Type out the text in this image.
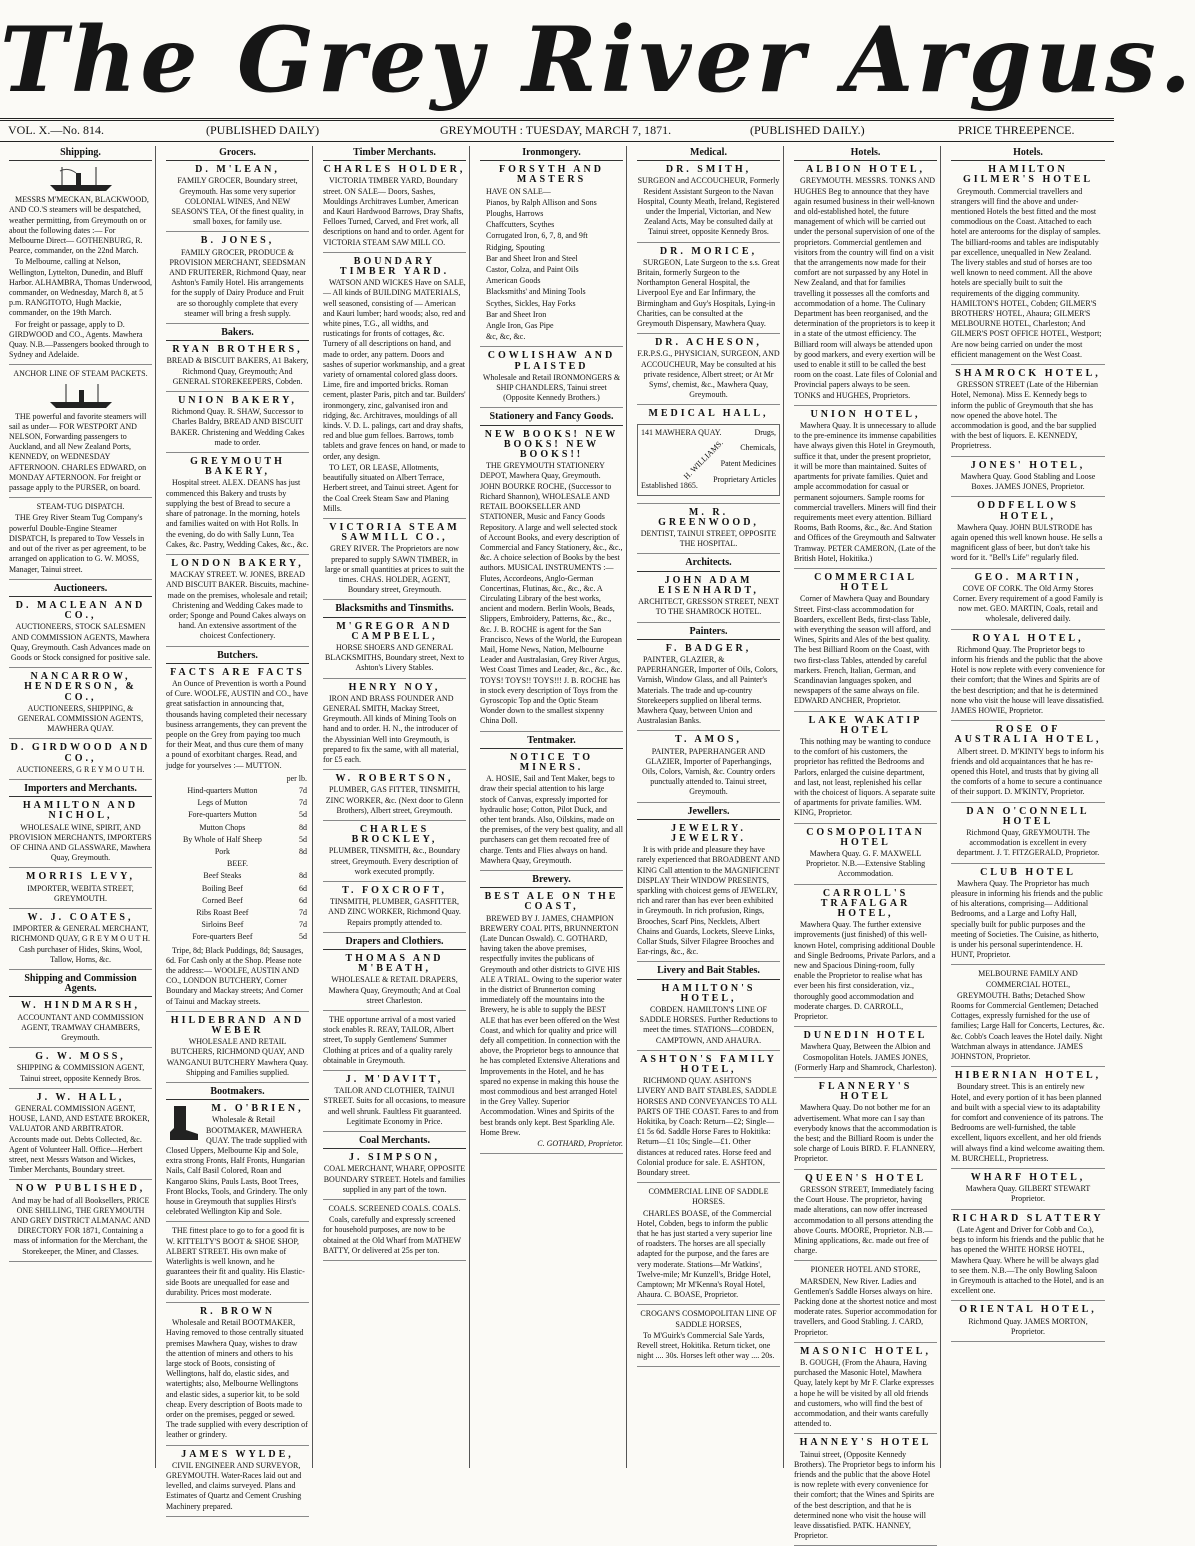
The Grey River Argus.
VOL. X.—No. 814.	(PUBLISHED DAILY)	GREYMOUTH : TUESDAY, MARCH 7, 1871.	(PUBLISHED DAILY.)	PRICE THREEPENCE.
Shipping.

MESSRS M'MECKAN, BLACKWOOD, AND CO.'S steamers will be despatched, weather permitting, from Greymouth on or about the following dates :— For Melbourne Direct— GOTHENBURG, R. Pearce, commander, on the 22nd March.

To Melbourne, calling at Nelson, Wellington, Lyttelton, Dunedin, and Bluff Harbor. ALHAMBRA, Thomas Underwood, commander, on Wednesday, March 8, at 5 p.m. RANGITOTO, Hugh Mackie, commander, on the 19th March.

For freight or passage, apply to D. GIRDWOOD and CO., Agents. Mawhera Quay. N.B.—Passengers booked through to Sydney and Adelaide.

ANCHOR LINE OF STEAM PACKETS.

THE powerful and favorite steamers will sail as under— FOR WESTPORT AND NELSON, Forwarding passengers to Auckland, and all New Zealand Ports, KENNEDY, on WEDNESDAY AFTERNOON. CHARLES EDWARD, on MONDAY AFTERNOON. For freight or passage apply to the PURSER, on board.

STEAM-TUG DISPATCH.

THE Grey River Steam Tug Company's powerful Double-Engine Steamer DISPATCH, Is prepared to Tow Vessels in and out of the river as per agreement, to be arranged on application to G. W. MOSS, Manager, Tainui street.

Auctioneers.

D. MACLEAN AND CO.,

AUCTIONEERS, STOCK SALESMEN AND COMMISSION AGENTS, Mawhera Quay, Greymouth. Cash Advances made on Goods or Stock consigned for positive sale.

NANCARROW, HENDERSON, & CO.,

AUCTIONEERS, SHIPPING, & GENERAL COMMISSION AGENTS, MAWHERA QUAY.

D. GIRDWOOD AND CO.,

AUCTIONEERS, G R E Y M O U T H.

Importers and Merchants.

HAMILTON AND NICHOL,

WHOLESALE WINE, SPIRIT, AND PROVISION MERCHANTS, IMPORTERS OF CHINA AND GLASSWARE, Mawhera Quay, Greymouth.

MORRIS LEVY,

IMPORTER, WEBITA STREET, GREYMOUTH.

W. J. COATES,

IMPORTER & GENERAL MERCHANT, RICHMOND QUAY, G R E Y M O U T H. Cash purchaser of Hides, Skins, Wool, Tallow, Horns, &c.

Shipping and Commission Agents.

W. HINDMARSH,

ACCOUNTANT AND COMMISSION AGENT, TRAMWAY CHAMBERS, Greymouth.

G. W. MOSS,

SHIPPING & COMMISSION AGENT, Tainui street, opposite Kennedy Bros.

J. W. HALL,

GENERAL COMMISSION AGENT, HOUSE, LAND, AND ESTATE BROKER, VALUATOR AND ARBITRATOR. Accounts made out. Debts Collected, &c. Agent of Volunteer Hall. Office—Herbert street, next Messrs Watson and Wickes, Timber Merchants, Boundary street.

NOW PUBLISHED,

And may be had of all Booksellers, PRICE ONE SHILLING, THE GREYMOUTH AND GREY DISTRICT ALMANAC AND DIRECTORY FOR 1871, Containing a mass of information for the Merchant, the Storekeeper, the Miner, and Classes.

Grocers.

D. M'LEAN,

FAMILY GROCER, Boundary street, Greymouth. Has some very superior COLONIAL WINES, And NEW SEASON'S TEA, Of the finest quality, in small boxes, for family use.

B. JONES,

FAMILY GROCER, PRODUCE & PROVISION MERCHANT, SEEDSMAN AND FRUITERER, Richmond Quay, near Ashton's Family Hotel. His arrangements for the supply of Dairy Produce and Fruit are so thoroughly complete that every steamer will bring a fresh supply.

Bakers.

RYAN BROTHERS,

BREAD & BISCUIT BAKERS, A1 Bakery, Richmond Quay, Greymouth; And GENERAL STOREKEEPERS, Cobden.

UNION BAKERY,

Richmond Quay. R. SHAW, Successor to Charles Baldry, BREAD AND BISCUIT BAKER. Christening and Wedding Cakes made to order.

GREYMOUTH BAKERY,

Hospital street. ALEX. DEANS has just commenced this Bakery and trusts by supplying the best of Bread to secure a share of patronage. In the morning, hotels and families waited on with Hot Rolls. In the evening, do do with Sally Lunn, Tea Cakes, &c. Pastry, Wedding Cakes, &c., &c.

LONDON BAKERY,

MACKAY STREET. W. JONES, BREAD AND BISCUIT BAKER. Biscuits, machine-made on the premises, wholesale and retail; Christening and Wedding Cakes made to order; Sponge and Pound Cakes always on hand. An extensive assortment of the choicest Confectionery.

Butchers.

FACTS ARE FACTS

An Ounce of Prevention is worth a Pound of Cure. WOOLFE, AUSTIN and CO., have great satisfaction in announcing that, thousands having completed their necessary business arrangements, they can prevent the people on the Grey from paying too much for their Meat, and thus cure them of many a pound of exorbitant charges. Read, and judge for yourselves :— MUTTON.

	per lb.
Hind-quarters Mutton	7d
Legs of Mutton	7d
Fore-quarters Mutton	5d
Mutton Chops	8d
By Whole of Half Sheep	5d
Pork	8d
BEEF.	
Beef Steaks	8d
Boiling Beef	6d
Corned Beef	6d
Ribs Roast Beef	7d
Sirloins Beef	7d
Fore-quarters Beef	5d

Tripe, 8d; Black Puddings, 8d; Sausages, 6d. For Cash only at the Shop. Please note the address:— WOOLFE, AUSTIN AND CO., LONDON BUTCHERY, Corner Boundary and Mackay streets; And Corner of Tainui and Mackay streets.

HILDEBRAND AND WEBER

WHOLESALE AND RETAIL BUTCHERS, RICHMOND QUAY, AND WANGANUI BUTCHERY Mawhera Quay. Shipping and Families supplied.

Bootmakers.

M. O'BRIEN,

Wholesale & Retail BOOTMAKER, MAWHERA QUAY. The trade supplied with Closed Uppers, Melbourne Kip and Sole, extra strong Fronts, Half Fronts, Hungarian Nails, Calf Basil Colored, Roan and Kangaroo Skins, Pauls Lasts, Boot Trees, Front Blocks, Tools, and Grindery. The only house in Greymouth that supplies Hirst's celebrated Wellington Kip and Sole.

THE fittest place to go to for a good fit is W. KITTELTY'S BOOT & SHOE SHOP, ALBERT STREET. His own make of Waterlights is well known, and he guarantees their fit and quality. His Elastic-side Boots are unequalled for ease and durability. Prices most moderate.

R. BROWN

Wholesale and Retail BOOTMAKER, Having removed to those centrally situated premises Mawhera Quay, wishes to draw the attention of miners and others to his large stock of Boots, consisting of Wellingtons, half do, elastic sides, and watertights; also, Melbourne Wellingtons and elastic sides, a superior kit, to be sold cheap. Every description of Boots made to order on the premises, pegged or sewed. The trade supplied with every description of leather or grindery.

JAMES WYLDE,

CIVIL ENGINEER AND SURVEYOR, GREYMOUTH. Water-Races laid out and levelled, and claims surveyed. Plans and Estimates of Quartz and Cement Crushing Machinery prepared.

Timber Merchants.

CHARLES HOLDER,

VICTORIA TIMBER YARD, Boundary street. ON SALE— Doors, Sashes, Mouldings Architraves Lumber, American and Kauri Hardwood Barrows, Dray Shafts, Felloes Turned, Carved, and Fret work, all descriptions on hand and to order. Agent for VICTORIA STEAM SAW MILL CO.

BOUNDARY TIMBER YARD.

WATSON AND WICKES Have on SALE,— All kinds of BUILDING MATERIALS, well seasoned, consisting of — American and Kauri lumber; hard woods; also, red and white pines, T.G., all widths, and rusticatings for fronts of cottages, &c. Turnery of all descriptions on hand, and made to order, any pattern. Doors and sashes of superior workmanship, and a great variety of ornamental colored glass doors. Lime, fire and imported bricks. Roman cement, plaster Paris, pitch and tar. Builders' ironmongery, zinc, galvanised iron and ridging, &c. Architraves, mouldings of all kinds. V. D. L. palings, cart and dray shafts, red and blue gum felloes. Barrows, tomb tablets and grave fences on hand, or made to order, any design.

TO LET, OR LEASE, Allotments, beautifully situated on Albert Terrace, Herbert street, and Tainui street. Agent for the Coal Creek Steam Saw and Planing Mills.

VICTORIA STEAM SAWMILL CO.,

GREY RIVER. The Proprietors are now prepared to supply SAWN TIMBER, in large or small quantities at prices to suit the times. CHAS. HOLDER, AGENT, Boundary street, Greymouth.

Blacksmiths and Tinsmiths.

M'GREGOR AND CAMPBELL,

HORSE SHOERS AND GENERAL BLACKSMITHS, Boundary street, Next to Ashton's Livery Stables.

HENRY NOY,

IRON AND BRASS FOUNDER AND GENERAL SMITH, Mackay Street, Greymouth. All kinds of Mining Tools on hand and to order. H. N., the introducer of the Abyssinian Well into Greymouth, is prepared to fix the same, with all material, for £5 each.

W. ROBERTSON,

PLUMBER, GAS FITTER, TINSMITH, ZINC WORKER, &c. (Next door to Glenn Brothers), Albert street, Greymouth.

CHARLES BROCKLEY,

PLUMBER, TINSMITH, &c., Boundary street, Greymouth. Every description of work executed promptly.

T. FOXCROFT,

TINSMITH, PLUMBER, GASFITTER, AND ZINC WORKER, Richmond Quay. Repairs promptly attended to.

Drapers and Clothiers.

THOMAS AND M'BEATH,

WHOLESALE & RETAIL DRAPERS, Mawhera Quay, Greymouth; And at Coal street Charleston.

THE opportune arrival of a most varied stock enables R. REAY, TAILOR, Albert street, To supply Gentlemens' Summer Clothing at prices and of a quality rarely obtainable in Greymouth.

J. M'DAVITT,

TAILOR AND CLOTHIER, TAINUI STREET. Suits for all occasions, to measure and well shrunk. Faultless Fit guaranteed. Legitimate Economy in Price.

Coal Merchants.

J. SIMPSON,

COAL MERCHANT, WHARF, OPPOSITE BOUNDARY STREET. Hotels and families supplied in any part of the town.

COALS. SCREENED COALS. COALS.

Coals, carefully and expressly screened for household purposes, are now to be obtained at the Old Wharf from MATHEW BATTY, Or delivered at 25s per ton.

Ironmongery.

FORSYTH AND MASTERS

HAVE ON SALE—

Pianos, by Ralph Allison and Sons

Ploughs, Harrows

Chaffcutters, Scythes

Corrugated Iron, 6, 7, 8, and 9ft

Ridging, Spouting

Bar and Sheet Iron and Steel

Castor, Colza, and Paint Oils

American Goods

Blacksmiths' and Mining Tools

Scythes, Sickles, Hay Forks

Bar and Sheet Iron

Angle Iron, Gas Pipe

&c, &c, &c.

COWLISHAW AND PLAISTED

Wholesale and Retail IRONMONGERS & SHIP CHANDLERS, Tainui street (Opposite Kennedy Brothers.)

Stationery and Fancy Goods.

NEW BOOKS! NEW BOOKS! NEW BOOKS!!

THE GREYMOUTH STATIONERY DEPOT, Mawhera Quay, Greymouth. JOHN BOURKE ROCHE, (Successor to Richard Shannon), WHOLESALE AND RETAIL BOOKSELLER AND STATIONER, Music and Fancy Goods Repository. A large and well selected stock of Account Books, and every description of Commercial and Fancy Stationery, &c., &c., &c. A choice selection of Books by the best authors. MUSICAL INSTRUMENTS :— Flutes, Accordeons, Anglo-German Concertinas, Flutinas, &c., &c., &c. A Circulating Library of the best works, ancient and modern. Berlin Wools, Beads, Slippers, Embroidery, Patterns, &c., &c., &c. J. B. ROCHE is agent for the San Francisco, News of the World, the European Mail, Home News, Nation, Melbourne Leader and Australasian, Grey River Argus, West Coast Times and Leader, &c., &c., &c. TOYS! TOYS!! TOYS!!! J. B. ROCHE has in stock every description of Toys from the Gyroscopic Top and the Optic Steam Wonder down to the smallest sixpenny China Doll.

Tentmaker.

NOTICE TO MINERS.

A. HOSIE, Sail and Tent Maker, begs to draw their special attention to his large stock of Canvas, expressly imported for hydraulic hose; Cotton, Pilot Duck, and other tent brands. Also, Oilskins, made on the premises, of the very best quality, and all purchasers can get them recoated free of charge. Tents and Flies always on hand. Mawhera Quay, Greymouth.

Brewery.

BEST ALE ON THE COAST,

BREWED BY J. JAMES, CHAMPION BREWERY COAL PITS, BRUNNERTON (Late Duncan Oswald). C. GOTHARD, having taken the above premises, respectfully invites the publicans of Greymouth and other districts to GIVE HIS ALE A TRIAL. Owing to the superior water in the district of Brunnerton coming immediately off the mountains into the Brewery, he is able to supply the BEST ALE that has ever been offered on the West Coast, and which for quality and price will defy all competition. In connection with the above, the Proprietor begs to announce that he has completed Extensive Alterations and Improvements in the Hotel, and he has spared no expense in making this house the most commodious and best arranged Hotel in the Grey Valley. Superior Accommodation. Wines and Spirits of the best brands only kept. Best Sparkling Ale. Home Brew.

C. GOTHARD, Proprietor.

Medical.

DR. SMITH,

SURGEON and ACCOUCHEUR, Formerly Resident Assistant Surgeon to the Navan Hospital, County Meath, Ireland, Registered under the Imperial, Victorian, and New Zealand Acts, May be consulted daily at Tainui street, opposite Kennedy Bros.

DR. MORICE,

SURGEON, Late Surgeon to the s.s. Great Britain, formerly Surgeon to the Northampton General Hospital, the Liverpool Eye and Ear Infirmary, the Birmingham and Guy's Hospitals, Lying-in Charities, can be consulted at the Greymouth Dispensary, Mawhera Quay.

DR. ACHESON,

F.R.P.S.G., PHYSICIAN, SURGEON, AND ACCOUCHEUR, May be consulted at his private residence, Albert street; or At Mr Syms', chemist, &c., Mawhera Quay, Greymouth.

MEDICAL HALL,

141 MAWHERA QUAY.
H. WILLIAMS.
Established 1865.
Drugs,
Chemicals,
Patent Medicines
Proprietary Articles

M. R. GREENWOOD,

DENTIST, TAINUI STREET, OPPOSITE THE HOSPITAL.

Architects.

JOHN ADAM EISENHARDT,

ARCHITECT, GRESSON STREET, NEXT TO THE SHAMROCK HOTEL.

Painters.

F. BADGER,

PAINTER, GLAZIER, & PAPERHANGER, Importer of Oils, Colors, Varnish, Window Glass, and all Painter's Materials. The trade and up-country Storekeepers supplied on liberal terms. Mawhera Quay, between Union and Australasian Banks.

T. AMOS,

PAINTER, PAPERHANGER AND GLAZIER, Importer of Paperhangings, Oils, Colors, Varnish, &c. Country orders punctually attended to. Tainui street, Greymouth.

Jewellers.

JEWELRY. JEWELRY.

It is with pride and pleasure they have rarely experienced that BROADBENT AND KING Call attention to the MAGNIFICENT DISPLAY Their WINDOW PRESENTS, sparkling with choicest gems of JEWELRY, rich and rarer than has ever been exhibited in Greymouth. In rich profusion, Rings, Brooches, Scarf Pins, Necklets, Albert Chains and Guards, Lockets, Sleeve Links, Collar Studs, Silver Filagree Brooches and Ear-rings, &c., &c.

Livery and Bait Stables.

HAMILTON'S HOTEL,

COBDEN. HAMILTON'S LINE OF SADDLE HORSES. Further Reductions to meet the times. STATIONS—COBDEN, CAMPTOWN, AND AHAURA.

ASHTON'S FAMILY HOTEL,

RICHMOND QUAY. ASHTON'S LIVERY AND BAIT STABLES, SADDLE HORSES AND CONVEYANCES TO ALL PARTS OF THE COAST. Fares to and from Hokitika, by Coach: Return—£2; Single—£1 5s 6d. Saddle Horse Fares to Hokitika: Return—£1 10s; Single—£1. Other distances at reduced rates. Horse feed and Colonial produce for sale. E. ASHTON, Boundary street.

COMMERCIAL LINE OF SADDLE HORSES.

CHARLES BOASE, of the Commercial Hotel, Cobden, begs to inform the public that he has just started a very superior line of roadsters. The horses are all specially adapted for the purpose, and the fares are very moderate. Stations—Mr Watkins', Twelve-mile; Mr Kunzell's, Bridge Hotel, Camptown; Mr M'Kenna's Royal Hotel, Ahaura. C. BOASE, Proprietor.

CROGAN'S COSMOPOLITAN LINE OF SADDLE HORSES,

To M'Guirk's Commercial Sale Yards, Revell street, Hokitika. Return ticket, one night .... 30s. Horses left other way .... 20s.

Hotels.

ALBION HOTEL,

GREYMOUTH. MESSRS. TONKS AND HUGHES Beg to announce that they have again resumed business in their well-known and old-established hotel, the future management of which will be carried out under the personal supervision of one of the proprietors. Commercial gentlemen and visitors from the country will find on a visit that the arrangements now made for their comfort are not surpassed by any Hotel in New Zealand, and that for families travelling it possesses all the comforts and accommodation of a home. The Culinary Department has been reorganised, and the determination of the proprietors is to keep it in a state of the utmost efficiency. The Billiard room will always be attended upon by good markers, and every exertion will be used to enable it still to be called the best room on the coast. Late files of Colonial and Provincial papers always to be seen. TONKS and HUGHES, Proprietors.

UNION HOTEL,

Mawhera Quay. It is unnecessary to allude to the pre-eminence its immense capabilities have always given this Hotel in Greymouth, suffice it that, under the present proprietor, it will be more than maintained. Suites of apartments for private families. Quiet and ample accommodation for casual or permanent sojourners. Sample rooms for commercial travellers. Miners will find their requirements meet every attention. Billiard Rooms, Bath Rooms, &c., &c. And Station and Offices of the Greymouth and Saltwater Tramway. PETER CAMERON, (Late of the British Hotel, Hokitika.)

COMMERCIAL HOTEL

Corner of Mawhera Quay and Boundary Street. First-class accommodation for Boarders, excellent Beds, first-class Table, with everything the season will afford, and Wines, Spirits and Ales of the best quality. The best Billiard Room on the Coast, with two first-class Tables, attended by careful markers. French, Italian, German, and Scandinavian languages spoken, and newspapers of the same always on file. EDWARD ANCHER, Proprietor.

LAKE WAKATIP HOTEL

This nothing may be wanting to conduce to the comfort of his customers, the proprietor has refitted the Bedrooms and Parlors, enlarged the cuisine department, and last, not least, replenished his cellar with the choicest of liquors. A separate suite of apartments for private families. WM. KING, Proprietor.

COSMOPOLITAN HOTEL

Mawhera Quay. G. F. MAXWELL Proprietor. N.B.—Extensive Stabling Accommodation.

CARROLL'S TRAFALGAR HOTEL,

Mawhera Quay. The further extensive improvements (just finished) of this well-known Hotel, comprising additional Double and Single Bedrooms, Private Parlors, and a new and Spacious Dining-room, fully enable the Proprietor to realise what has ever been his first consideration, viz., thoroughly good accommodation and moderate charges. D. CARROLL, Proprietor.

DUNEDIN HOTEL

Mawhera Quay, Between the Albion and Cosmopolitan Hotels. JAMES JONES, (Formerly Harp and Shamrock, Charleston).

FLANNERY'S HOTEL

Mawhera Quay. Do not bother me for an advertisement. What more can I say than everybody knows that the accommodation is the best; and the Billiard Room is under the sole charge of Louis BIRD. F. FLANNERY, Proprietor.

QUEEN'S HOTEL

GRESSON STREET, Immediately facing the Court House. The proprietor, having made alterations, can now offer increased accommodation to all persons attending the above Courts. MOORE, Proprietor. N.B.—Mining applications, &c. made out free of charge.

PIONEER HOTEL AND STORE,

MARSDEN, New River. Ladies and Gentlemen's Saddle Horses always on hire. Packing done at the shortest notice and most moderate rates. Superior accommodation for travellers, and Good Stabling. J. CARD, Proprietor.

MASONIC HOTEL,

B. GOUGH, (From the Ahaura, Having purchased the Masonic Hotel, Mawhera Quay, lately kept by Mr F. Clarke expresses a hope he will be visited by all old friends and customers, who will find the best of accommodation, and their wants carefully attended to.

HANNEY'S HOTEL

Tainui street, (Opposite Kennedy Brothers). The Proprietor begs to inform his friends and the public that the above Hotel is now replete with every convenience for their comfort; that the Wines and Spirits are of the best description, and that he is determined none who visit the house will leave dissatisfied. PATK. HANNEY, Proprietor.

Hotels.

HAMILTON GILMER'S HOTEL

Greymouth. Commercial travellers and strangers will find the above and under-mentioned Hotels the best fitted and the most commodious on the Coast. Attached to each hotel are anterooms for the display of samples. The billiard-rooms and tables are indisputably par excellence, unequalled in New Zealand. The livery stables and stud of horses are too well known to need comment. All the above hotels are specially built to suit the requirements of the digging community. HAMILTON'S HOTEL, Cobden; GILMER'S BROTHERS' HOTEL, Ahaura; GILMER'S MELBOURNE HOTEL, Charleston; And GILMER'S POST OFFICE HOTEL, Westport; Are now being carried on under the most efficient management on the West Coast.

SHAMROCK HOTEL,

GRESSON STREET (Late of the Hibernian Hotel, Nemona). Miss E. Kennedy begs to inform the public of Greymouth that she has now opened the above hotel. The accommodation is good, and the bar supplied with the best of liquors. E. KENNEDY, Proprietress.

JONES' HOTEL,

Mawhera Quay. Good Stabling and Loose Boxes. JAMES JONES, Proprietor.

ODDFELLOWS HOTEL,

Mawhera Quay. JOHN BULSTRODE has again opened this well known house. He sells a magnificent glass of beer, but don't take his word for it. "Bell's Life" regularly filed.

GEO. MARTIN,

COVE OF CORK. The Old Army Stores Corner. Every requirement of a good Family is now met. GEO. MARTIN, Coals, retail and wholesale, delivered daily.

ROYAL HOTEL,

Richmond Quay. The Proprietor begs to inform his friends and the public that the above Hotel is now replete with every convenience for their comfort; that the Wines and Spirits are of the best description; and that he is determined none who visit the house will leave dissatisfied. JAMES HOWIE, Proprietor.

ROSE OF AUSTRALIA HOTEL,

Albert street. D. M'KINTY begs to inform his friends and old acquaintances that he has re-opened this Hotel, and trusts that by giving all the comforts of a home to secure a continuance of their support. D. M'KINTY, Proprietor.

DAN O'CONNELL HOTEL

Richmond Quay, GREYMOUTH. The accommodation is excellent in every department. J. T. FITZGERALD, Proprietor.

CLUB HOTEL

Mawhera Quay. The Proprietor has much pleasure in informing his friends and the public of his alterations, comprising— Additional Bedrooms, and a Large and Lofty Hall, specially built for public purposes and the meeting of Societies. The Cuisine, as hitherto, is under his personal superintendence. H. HUNT, Proprietor.

MELBOURNE FAMILY AND COMMERCIAL HOTEL,

GREYMOUTH. Baths; Detached Show Rooms for Commercial Gentlemen; Detached Cottages, expressly furnished for the use of families; Large Hall for Concerts, Lectures, &c. &c. Cobb's Coach leaves the Hotel daily. Night Watchman always in attendance. JAMES JOHNSTON, Proprietor.

HIBERNIAN HOTEL,

Boundary street. This is an entirely new Hotel, and every portion of it has been planned and built with a special view to its adaptability for comfort and convenience of its patrons. The Bedrooms are well-furnished, the table excellent, liquors excellent, and her old friends will always find a kind welcome awaiting them. M. BURCHELL, Proprietress.

WHARF HOTEL,

Mawhera Quay. GILBERT STEWART Proprietor.

RICHARD SLATTERY

(Late Agent and Driver for Cobb and Co.), begs to inform his friends and the public that he has opened the WHITE HORSE HOTEL, Mawhera Quay. Where he will be always glad to see them. N.B.—The only Bowling Saloon in Greymouth is attached to the Hotel, and is an excellent one.

ORIENTAL HOTEL,

Richmond Quay. JAMES MORTON, Proprietor.
